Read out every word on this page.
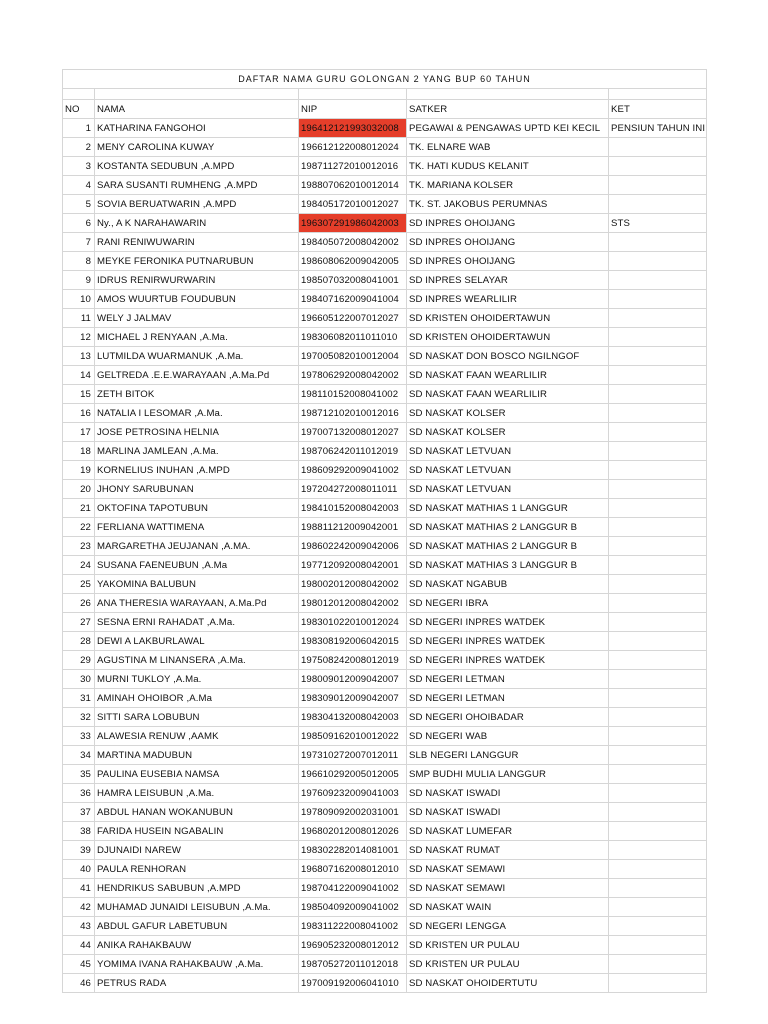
DAFTAR NAMA GURU GOLONGAN 2 YANG BUP 60 TAHUN				

NO	NAMA	NIP	SATKER	KET
1	KATHARINA FANGOHOI	196412121993032008	PEGAWAI & PENGAWAS UPTD KEI KECIL	PENSIUN TAHUN INI
2	MENY CAROLINA KUWAY	196612122008012024	TK. ELNARE WAB	
3	KOSTANTA SEDUBUN ,A.MPD	198711272010012016	TK. HATI KUDUS KELANIT	
4	SARA SUSANTI RUMHENG ,A.MPD	198807062010012014	TK. MARIANA KOLSER	
5	SOVIA BERUATWARIN ,A.MPD	198405172010012027	TK. ST. JAKOBUS PERUMNAS	
6	Ny., A K NARAHAWARIN	196307291986042003	SD INPRES OHOIJANG	STS
7	RANI RENIWUWARIN	198405072008042002	SD INPRES OHOIJANG	
8	MEYKE FERONIKA PUTNARUBUN	198608062009042005	SD INPRES OHOIJANG	
9	IDRUS RENIRWURWARIN	198507032008041001	SD INPRES SELAYAR	
10	AMOS WUURTUB FOUDUBUN	198407162009041004	SD INPRES WEARLILIR	
11	WELY J JALMAV	196605122007012027	SD KRISTEN OHOIDERTAWUN	
12	MICHAEL J RENYAAN ,A.Ma.	198306082011011010	SD KRISTEN OHOIDERTAWUN	
13	LUTMILDA WUARMANUK ,A.Ma.	197005082010012004	SD NASKAT DON BOSCO NGILNGOF	
14	GELTREDA .E.E.WARAYAAN ,A.Ma.Pd	197806292008042002	SD NASKAT FAAN WEARLILIR	
15	ZETH BITOK	198110152008041002	SD NASKAT FAAN WEARLILIR	
16	NATALIA I LESOMAR ,A.Ma.	198712102010012016	SD NASKAT KOLSER	
17	JOSE PETROSINA HELNIA	197007132008012027	SD NASKAT KOLSER	
18	MARLINA JAMLEAN ,A.Ma.	198706242011012019	SD NASKAT LETVUAN	
19	KORNELIUS INUHAN ,A.MPD	198609292009041002	SD NASKAT LETVUAN	
20	JHONY SARUBUNAN	197204272008011011	SD NASKAT LETVUAN	
21	OKTOFINA TAPOTUBUN	198410152008042003	SD NASKAT MATHIAS 1 LANGGUR	
22	FERLIANA WATTIMENA	198811212009042001	SD NASKAT MATHIAS 2 LANGGUR B	
23	MARGARETHA JEUJANAN ,A.MA.	198602242009042006	SD NASKAT MATHIAS 2 LANGGUR B	
24	SUSANA FAENEUBUN ,A.Ma	197712092008042001	SD NASKAT MATHIAS 3 LANGGUR B	
25	YAKOMINA BALUBUN	198002012008042002	SD NASKAT NGABUB	
26	ANA THERESIA WARAYAAN, A.Ma.Pd	198012012008042002	SD NEGERI IBRA	
27	SESNA ERNI RAHADAT ,A.Ma.	198301022010012024	SD NEGERI INPRES WATDEK	
28	DEWI A LAKBURLAWAL	198308192006042015	SD NEGERI INPRES WATDEK	
29	AGUSTINA M LINANSERA ,A.Ma.	197508242008012019	SD NEGERI INPRES WATDEK	
30	MURNI TUKLOY ,A.Ma.	198009012009042007	SD NEGERI LETMAN	
31	AMINAH OHOIBOR ,A.Ma	198309012009042007	SD NEGERI LETMAN	
32	SITTI SARA LOBUBUN	198304132008042003	SD NEGERI OHOIBADAR	
33	ALAWESIA RENUW ,AAMK	198509162010012022	SD NEGERI WAB	
34	MARTINA MADUBUN	197310272007012011	SLB NEGERI LANGGUR	
35	PAULINA EUSEBIA NAMSA	196610292005012005	SMP BUDHI MULIA LANGGUR	
36	HAMRA LEISUBUN ,A.Ma.	197609232009041003	SD NASKAT ISWADI	
37	ABDUL HANAN WOKANUBUN	197809092002031001	SD NASKAT ISWADI	
38	FARIDA HUSEIN NGABALIN	196802012008012026	SD NASKAT LUMEFAR	
39	DJUNAIDI NAREW	198302282014081001	SD NASKAT RUMAT	
40	PAULA RENHORAN	196807162008012010	SD NASKAT SEMAWI	
41	HENDRIKUS SABUBUN ,A.MPD	198704122009041002	SD NASKAT SEMAWI	
42	MUHAMAD JUNAIDI LEISUBUN ,A.Ma.	198504092009041002	SD NASKAT WAIN	
43	ABDUL GAFUR LABETUBUN	198311222008041002	SD NEGERI LENGGA	
44	ANIKA RAHAKBAUW	196905232008012012	SD KRISTEN UR PULAU	
45	YOMIMA IVANA RAHAKBAUW ,A.Ma.	198705272011012018	SD KRISTEN UR PULAU	
46	PETRUS RADA	197009192006041010	SD NASKAT OHOIDERTUTU	
